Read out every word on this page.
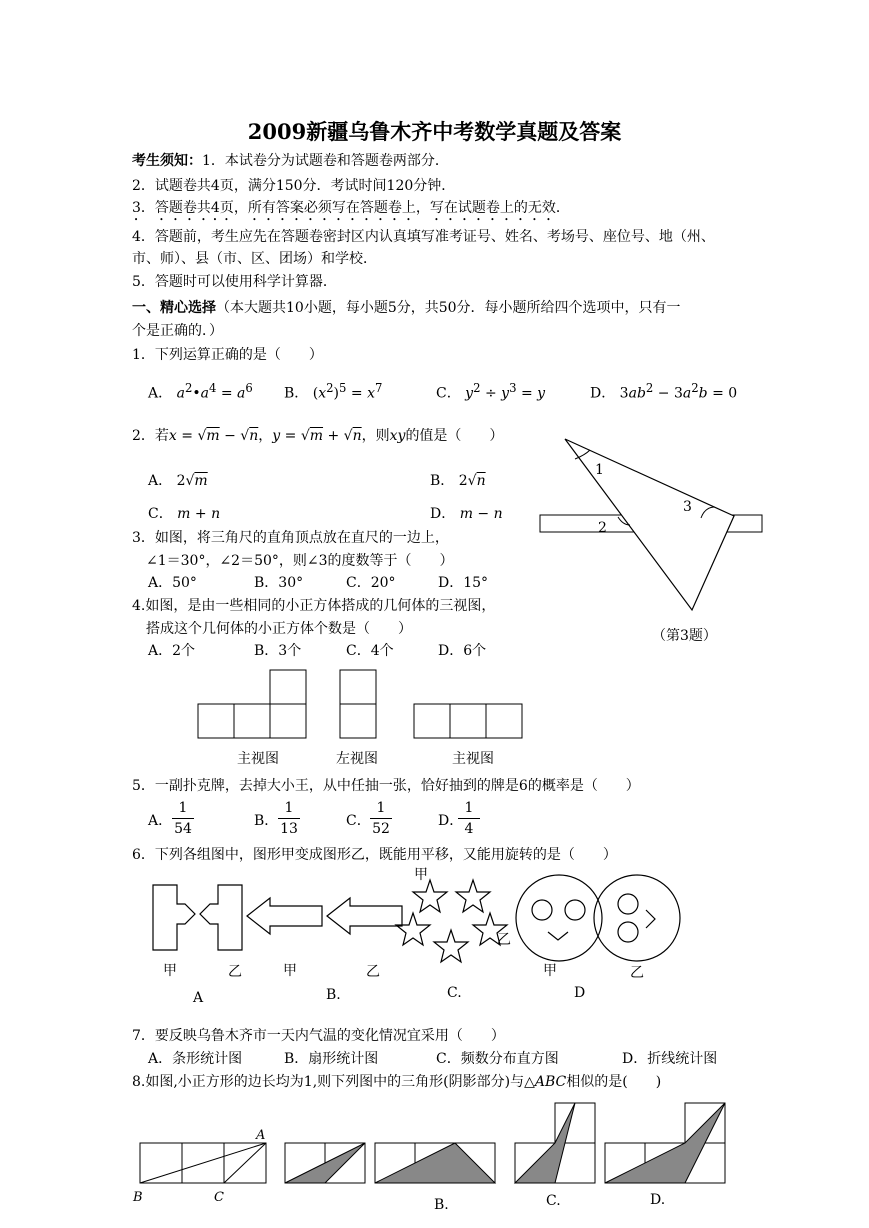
2009新疆乌鲁木齐中考数学真题及答案
考生须知：1．本试卷分为试题卷和答题卷两部分．
2．试题卷共4页，满分150分．考试时间120分钟．
3．答题卷共4页，所有答案必须写在答题卷上，写在试题卷上的无效．
4．答题前，考生应先在答题卷密封区内认真填写准考证号、姓名、考场号、座位号、地（州、
市、师）、县（市、区、团场）和学校．
5．答题时可以使用科学计算器．
一、精心选择（本大题共10小题，每小题5分，共50分．每小题所给四个选项中，只有一
个是正确的．）
1．下列运算正确的是（　　）
A． $a^2•a^4 = a^6$ B． $(x^2)^5 = x^7$	C． $y^2 \div y^3 = y$	D． $3ab^2 - 3a^2b = 0$
2．若x = √m − √n，y = √m + √n，则xy的值是（　　）
A． 2√m	B． 2√n
C． m + n	D． m − n
1
2
3
（第3题）
3．如图，将三角尺的直角顶点放在直尺的一边上，
∠1＝30°，∠2＝50°，则∠3的度数等于（　　）
A．50°	B．30°	C．20°	D．15°
4.如图，是由一些相同的小正方体搭成的几何体的三视图，
搭成这个几何体的小正方体个数是（　　）
A．2个	B．3个	C．4个	D．6个
主视图	左视图	主视图
5．一副扑克牌，去掉大小王，从中任抽一张，恰好抽到的牌是6的概率是（　　）
A．
1
54	B．
1
13	C．
1
52	D．
1
4
6．下列各组图中，图形甲变成图形乙，既能用平移，又能用旋转的是（　　）
甲	乙	甲	乙
甲
乙
甲	乙
A	B.	C.	D
7．要反映乌鲁木齐市一天内气温的变化情况宜采用（　　）
A．条形统计图	B．扇形统计图	C．频数分布直方图	D．折线统计图
8.如图,小正方形的边长均为1,则下列图中的三角形(阴影部分)与△ABC相似的是(　　)
A
B	C	B.	C.	D.
